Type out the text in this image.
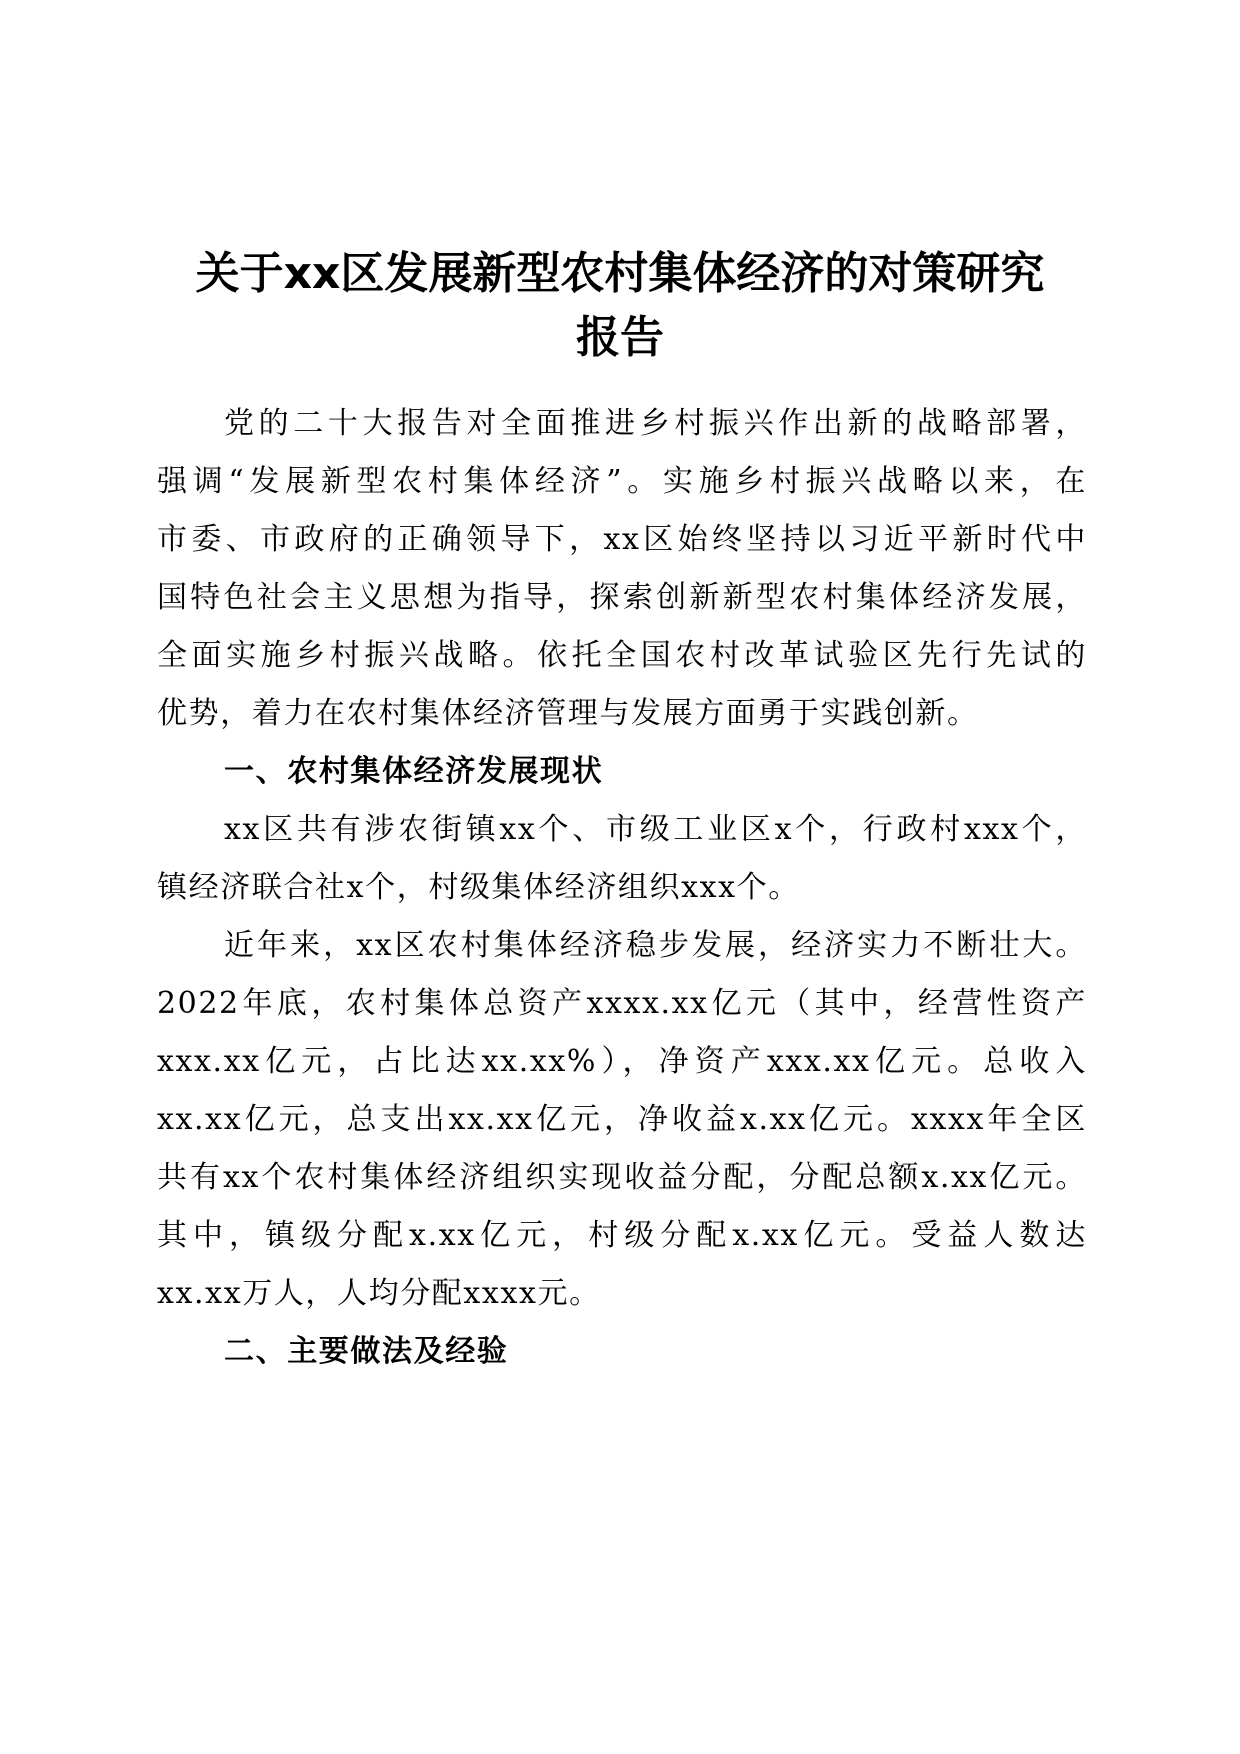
关于xx区发展新型农村集体经济的对策研究
报告

党的二十大报告对全面推进乡村振兴作出新的战略部署，

强调“发展新型农村集体经济”。实施乡村振兴战略以来，在

市委、市政府的正确领导下，xx区始终坚持以习近平新时代中

国特色社会主义思想为指导，探索创新新型农村集体经济发展，

全面实施乡村振兴战略。依托全国农村改革试验区先行先试的

优势，着力在农村集体经济管理与发展方面勇于实践创新。

一、农村集体经济发展现状

xx区共有涉农街镇xx个、市级工业区x个，行政村xxx个，

镇经济联合社x个，村级集体经济组织xxx个。

近年来，xx区农村集体经济稳步发展，经济实力不断壮大。

2022年底，农村集体总资产xxxx.xx亿元（其中，经营性资产

xxx.xx亿元，占比达xx.xx%），净资产xxx.xx亿元。总收入

xx.xx亿元，总支出xx.xx亿元，净收益x.xx亿元。xxxx年全区

共有xx个农村集体经济组织实现收益分配，分配总额x.xx亿元。

其中，镇级分配x.xx亿元，村级分配x.xx亿元。受益人数达

xx.xx万人，人均分配xxxx元。

二、主要做法及经验
